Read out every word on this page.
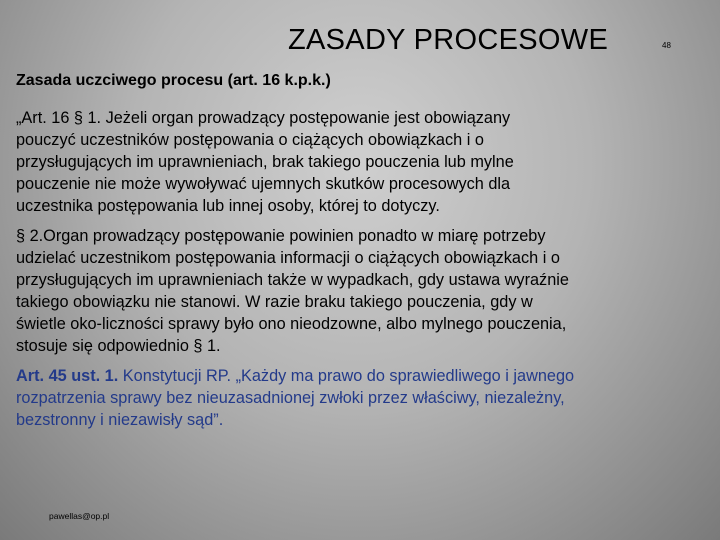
ZASADY PROCESOWE	48
Zasada uczciwego procesu (art. 16 k.p.k.)
„Art. 16 § 1. Jeżeli organ prowadzący postępowanie jest obowiązany
pouczyć uczestników postępowania o ciążących obowiązkach i o
przysługujących im uprawnieniach, brak takiego pouczenia lub mylne
pouczenie nie może wywoływać ujemnych skutków procesowych dla
uczestnika postępowania lub innej osoby, której to dotyczy.
§ 2.Organ prowadzący postępowanie powinien ponadto w miarę potrzeby
udzielać uczestnikom postępowania informacji o ciążących obowiązkach i o
przysługujących im uprawnieniach także w wypadkach, gdy ustawa wyraźnie
takiego obowiązku nie stanowi. W razie braku takiego pouczenia, gdy w
świetle oko-liczności sprawy było ono nieodzowne, albo mylnego pouczenia,
stosuje się odpowiednio § 1.
Art. 45 ust. 1. Konstytucji RP. „Każdy ma prawo do sprawiedliwego i jawnego
rozpatrzenia sprawy bez nieuzasadnionej zwłoki przez właściwy, niezależny,
bezstronny i niezawisły sąd”.
pawellas@op.pl
